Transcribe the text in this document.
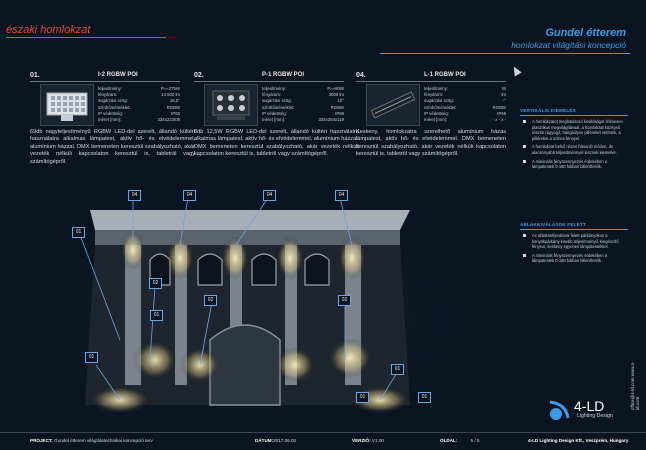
északi homlokzat	Gundel étterem
homlokzat világítási koncepció
01.	I-2 RGBW POI
teljesítmény:	P=≈275W
fényáram:	14 500 lm
sugárzási szög:	16,5°
színhőmérséklet:	RGBW
IP védettség:	IP66
méret [mm]:	334x223/05
69db nagyteljesítményű RGBW LED-del szerelt, állandó kültéri használatra alkalmas lámpatest, aktív hő- és elvédelemmel, alumínium házzal. DMX bemeneten keresztül szabályozható, akár vezeték nélküli kapcsolaton keresztül is, tableträl vagy számítógépről.
02.	P-1 RGBW POI
teljesítmény:	P=≈90W
fényáram:	3000 lm
sugárzási szög:	10°
színhőmérséklet:	RGBW
IP védettség:	IP66
méret [mm]:	334x254x119
8db 12,5W RGBW LED-del szerelt, állandó kültéri használatra alkalmas lámpatest, aktív hő- és elvédelemmel, alumínium házzal. DMX bemeneten keresztül szabályozható, akár vezeték nélküli kapcsolaton keresztül is, tabletröl vagy számítógépről.
04.	L-1 RGBW POI
teljesítmény:	W
fényáram:	lm
sugárzási szög:	-°
színhőmérséklet:	RGBW
IP védettség:	IP66
méret [mm]:	- x - x -
Keskeny, homlokzatra szerelhető alumínium házas lámpatest, aktív hő- és elvédelemmel. DMX bemeneten keresztül szabályozható, akár vezeték nélküli kapcsolaton keresztül is, tabletröl vagy számítógépről.
VERTIKÁLIS KIEMELÉS
A homlokzatot meghatározó kiválóságot ízlésesen plasztikus megvilágítással, a homlokzat középső részén ragyogó, hangsúlyos pilléreket vetítünk, a pilléreket a színes fénnyel.
A homlokzat belső részei hasonló módon, de alacsonyabb teljesítménnyel lesznek kiemelve.
A minimális fényszennyezés érdekében a lámpatestek 0-180 fokban billenthetők.
ABLAKKIVÁLÁSOK FELETT
Az ablakmélyedések felett párkányokon a könyökpárkány kisebb teljesítményű, kiegészítő fénysor, keskeny egyenes lámpatestekkel.
A minimális fényszennyezés érdekében a lámpatestek 0-180 fokban billenthetők.
04	04	04	04
01
02
02	02
01
01
01
01	01	office@4-ld.com www.4-ld.com
4-LD
Lighting Design
PROJECT: Gundel étterem világítástechnikai koncepció terv	DÁTUM:2017.06.02	VERZIÓ: V1.00	OLDAL:	5 / 5	4-LD Lighting Design Kft., Veszprém, Hungary
